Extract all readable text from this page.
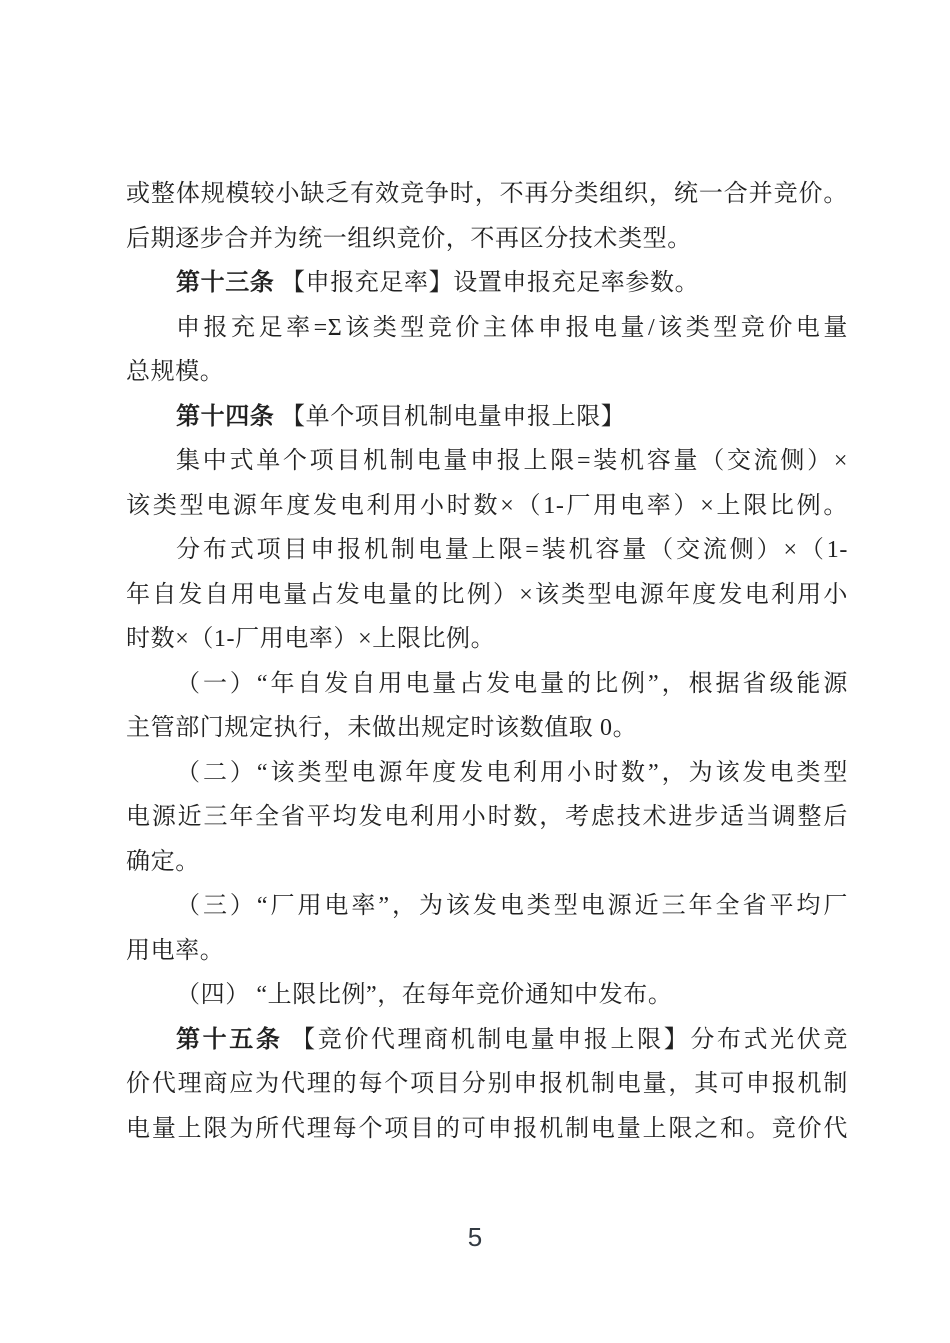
或整体规模较小缺乏有效竞争时，不再分类组织，统一合并竞价。
后期逐步合并为统一组织竞价，不再区分技术类型。
第十三条 【申报充足率】设置申报充足率参数。
申报充足率=Σ该类型竞价主体申报电量/该类型竞价电量
总规模。
第十四条 【单个项目机制电量申报上限】
集中式单个项目机制电量申报上限=装机容量（交流侧）×
该类型电源年度发电利用小时数×（1-厂用电率）×上限比例。
分布式项目申报机制电量上限=装机容量（交流侧）×（1-
年自发自用电量占发电量的比例）×该类型电源年度发电利用小
时数×（1-厂用电率）×上限比例。
（一）“年自发自用电量占发电量的比例”，根据省级能源
主管部门规定执行，未做出规定时该数值取 0。
（二）“该类型电源年度发电利用小时数”，为该发电类型
电源近三年全省平均发电利用小时数，考虑技术进步适当调整后
确定。
（三）“厂用电率”，为该发电类型电源近三年全省平均厂
用电率。
（四） “上限比例”，在每年竞价通知中发布。
第十五条 【竞价代理商机制电量申报上限】分布式光伏竞
价代理商应为代理的每个项目分别申报机制电量，其可申报机制
电量上限为所代理每个项目的可申报机制电量上限之和。竞价代
5
